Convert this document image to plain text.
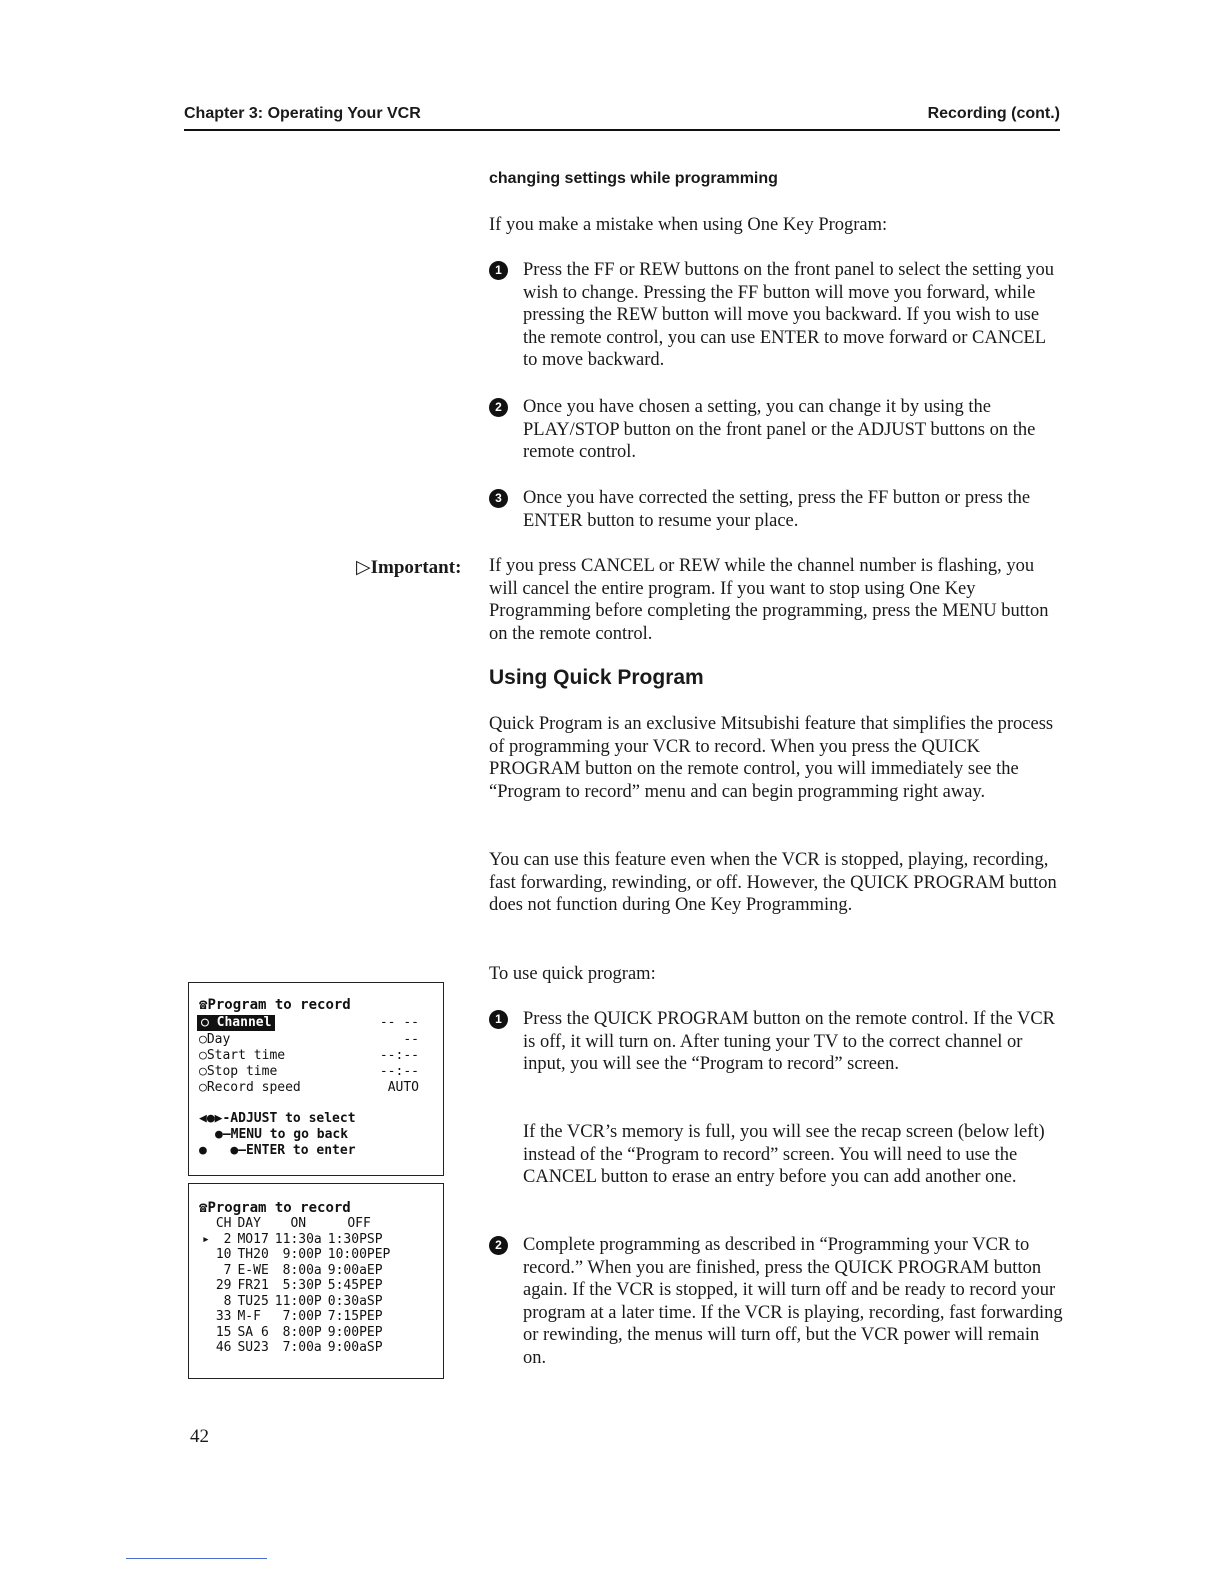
Chapter 3: Operating Your VCR	Recording (cont.)
changing settings while programming
If you make a mistake when using One Key Program:
1	Press the FF or REW buttons on the front panel to select the setting you wish to change. Pressing the FF button will move you forward, while pressing the REW button will move you backward. If you wish to use the remote control, you can use ENTER to move forward or CANCEL to move backward.
2	Once you have chosen a setting, you can change it by using the PLAY/STOP button on the front panel or the ADJUST buttons on the remote control.
3	Once you have corrected the setting, press the FF button or press the ENTER button to resume your place.
▷Important: If you press CANCEL or REW while the channel number is flashing, you will cancel the entire program. If you want to stop using One Key Programming before completing the programming, press the MENU button on the remote control.
Using Quick Program
Quick Program is an exclusive Mitsubishi feature that simplifies the process of programming your VCR to record. When you press the QUICK PROGRAM button on the remote control, you will immediately see the “Program to record” menu and can begin programming right away.
You can use this feature even when the VCR is stopped, playing, recording, fast forwarding, rewinding, or off. However, the QUICK PROGRAM button does not function during One Key Programming.
To use quick program:
1	Press the QUICK PROGRAM button on the remote control. If the VCR is off, it will turn on. After tuning your TV to the correct channel or input, you will see the “Program to record” screen.
If the VCR’s memory is full, you will see the recap screen (below left) instead of the “Program to record” screen. You will need to use the CANCEL button to erase an entry before you can add another one.
2	Complete programming as described in “Programming your VCR to record.” When you are finished, press the QUICK PROGRAM button again. If the VCR is stopped, it will turn off and be ready to record your program at a later time. If the VCR is playing, recording, fast forwarding or rewinding, the menus will turn off, but the VCR power will remain on.
☎Program to record
○ Channel	-- --
○Day	--
○Start time	--:--
○Stop time	--:--
○Record speed	AUTO
◀●▶-ADJUST to select
●—MENU to go back
● ●—ENTER to enter
☎Program to record
	CH	DAY	ON	OFF
▸	2	MO17	11:30a	1:30PSP
	10	TH20	9:00P	10:00PEP
	7	E-WE	8:00a	9:00aEP
	29	FR21	5:30P	5:45PEP
	8	TU25	11:00P	0:30aSP
	33	M-F	7:00P	7:15PEP
	15	SA 6	8:00P	9:00PEP
	46	SU23	7:00a	9:00aSP
42
